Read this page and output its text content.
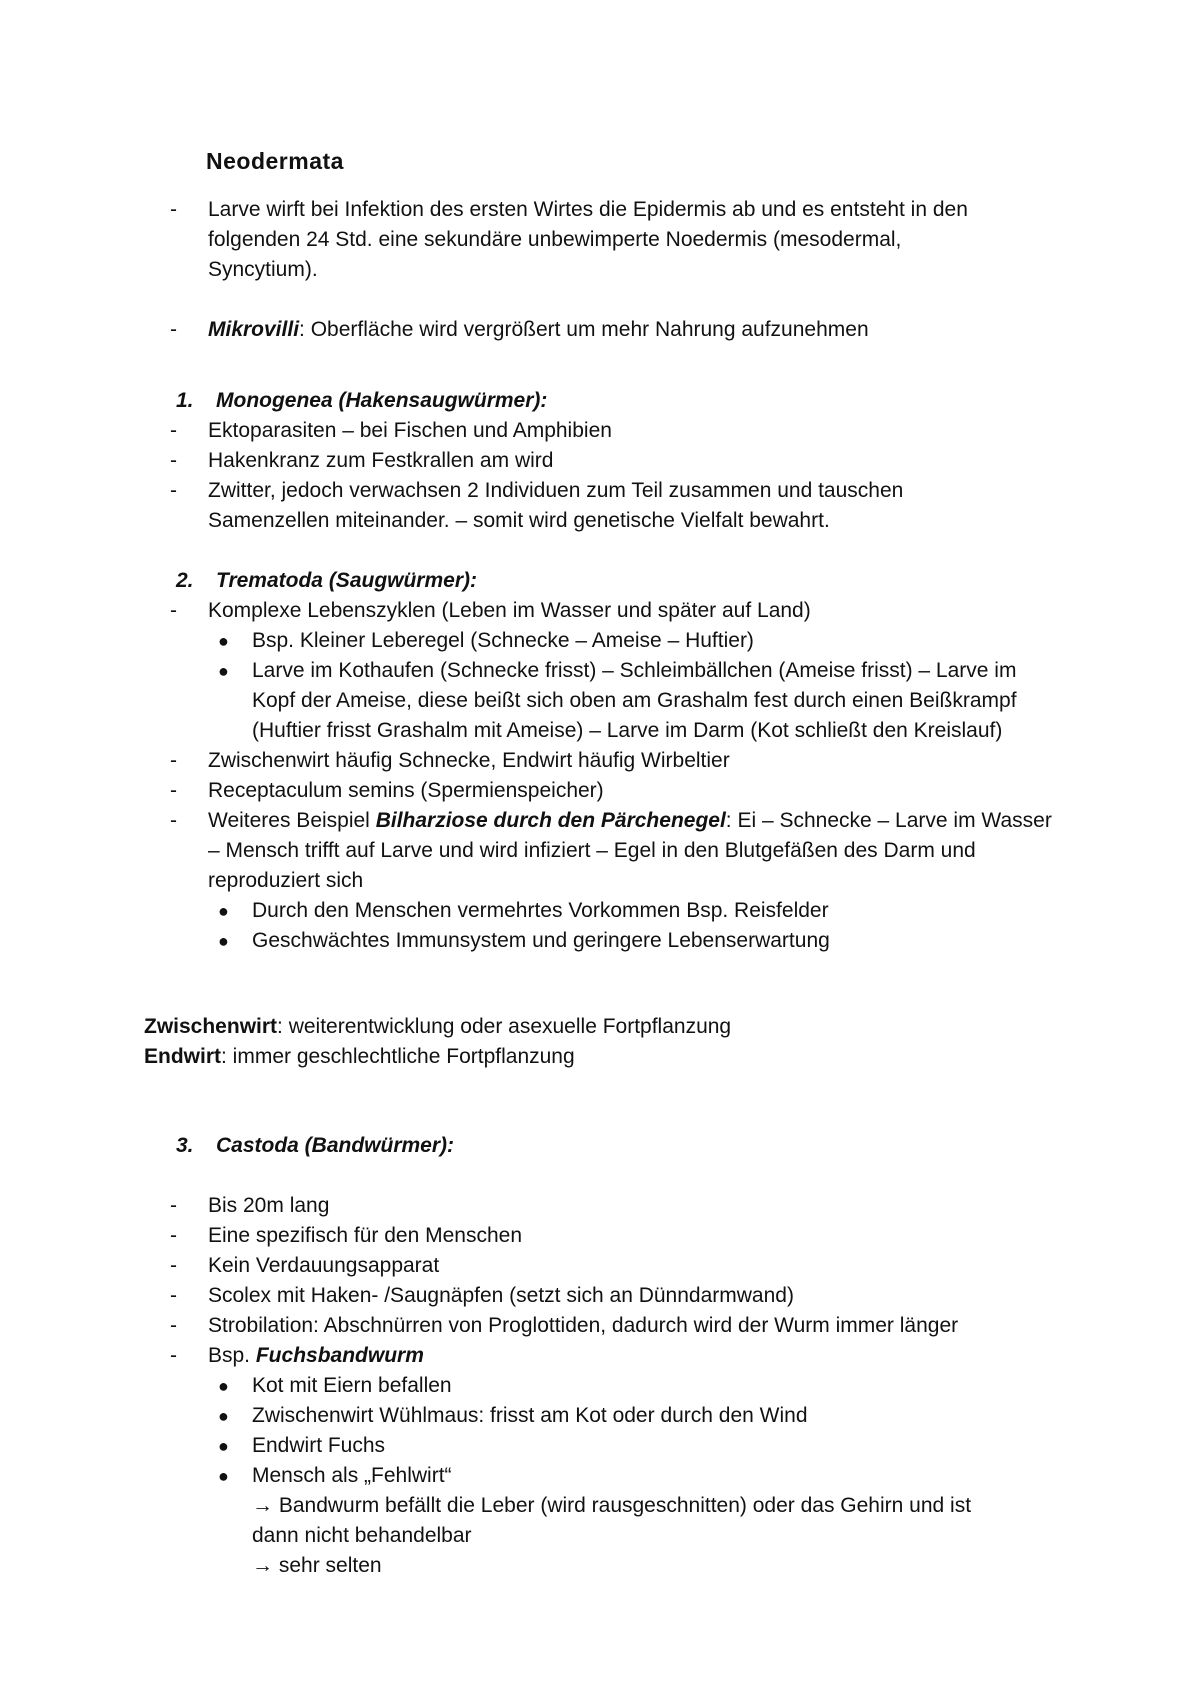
Neodermata
- Larve wirft bei Infektion des ersten Wirtes die Epidermis ab und es entsteht in den
folgenden 24 Std. eine sekundäre unbewimperte Noedermis (mesodermal,
Syncytium).
- Mikrovilli: Oberfläche wird vergrößert um mehr Nahrung aufzunehmen
1. Monogenea (Hakensaugwürmer):
- Ektoparasiten – bei Fischen und Amphibien
- Hakenkranz zum Festkrallen am wird
- Zwitter, jedoch verwachsen 2 Individuen zum Teil zusammen und tauschen
Samenzellen miteinander. – somit wird genetische Vielfalt bewahrt.
2. Trematoda (Saugwürmer):
- Komplexe Lebenszyklen (Leben im Wasser und später auf Land)
● Bsp. Kleiner Leberegel (Schnecke – Ameise – Huftier)
● Larve im Kothaufen (Schnecke frisst) – Schleimbällchen (Ameise frisst) – Larve im
Kopf der Ameise, diese beißt sich oben am Grashalm fest durch einen Beißkrampf
(Huftier frisst Grashalm mit Ameise) – Larve im Darm (Kot schließt den Kreislauf)
- Zwischenwirt häufig Schnecke, Endwirt häufig Wirbeltier
- Receptaculum semins (Spermienspeicher)
- Weiteres Beispiel Bilharziose durch den Pärchenegel: Ei – Schnecke – Larve im Wasser
– Mensch trifft auf Larve und wird infiziert – Egel in den Blutgefäßen des Darm und
reproduziert sich
● Durch den Menschen vermehrtes Vorkommen Bsp. Reisfelder
● Geschwächtes Immunsystem und geringere Lebenserwartung
Zwischenwirt: weiterentwicklung oder asexuelle Fortpflanzung
Endwirt: immer geschlechtliche Fortpflanzung
3. Castoda (Bandwürmer):
- Bis 20m lang
- Eine spezifisch für den Menschen
- Kein Verdauungsapparat
- Scolex mit Haken- /Saugnäpfen (setzt sich an Dünndarmwand)
- Strobilation: Abschnürren von Proglottiden, dadurch wird der Wurm immer länger
- Bsp. Fuchsbandwurm
● Kot mit Eiern befallen
● Zwischenwirt Wühlmaus: frisst am Kot oder durch den Wind
● Endwirt Fuchs
● Mensch als „Fehlwirt“
→ Bandwurm befällt die Leber (wird rausgeschnitten) oder das Gehirn und ist
dann nicht behandelbar
→ sehr selten
